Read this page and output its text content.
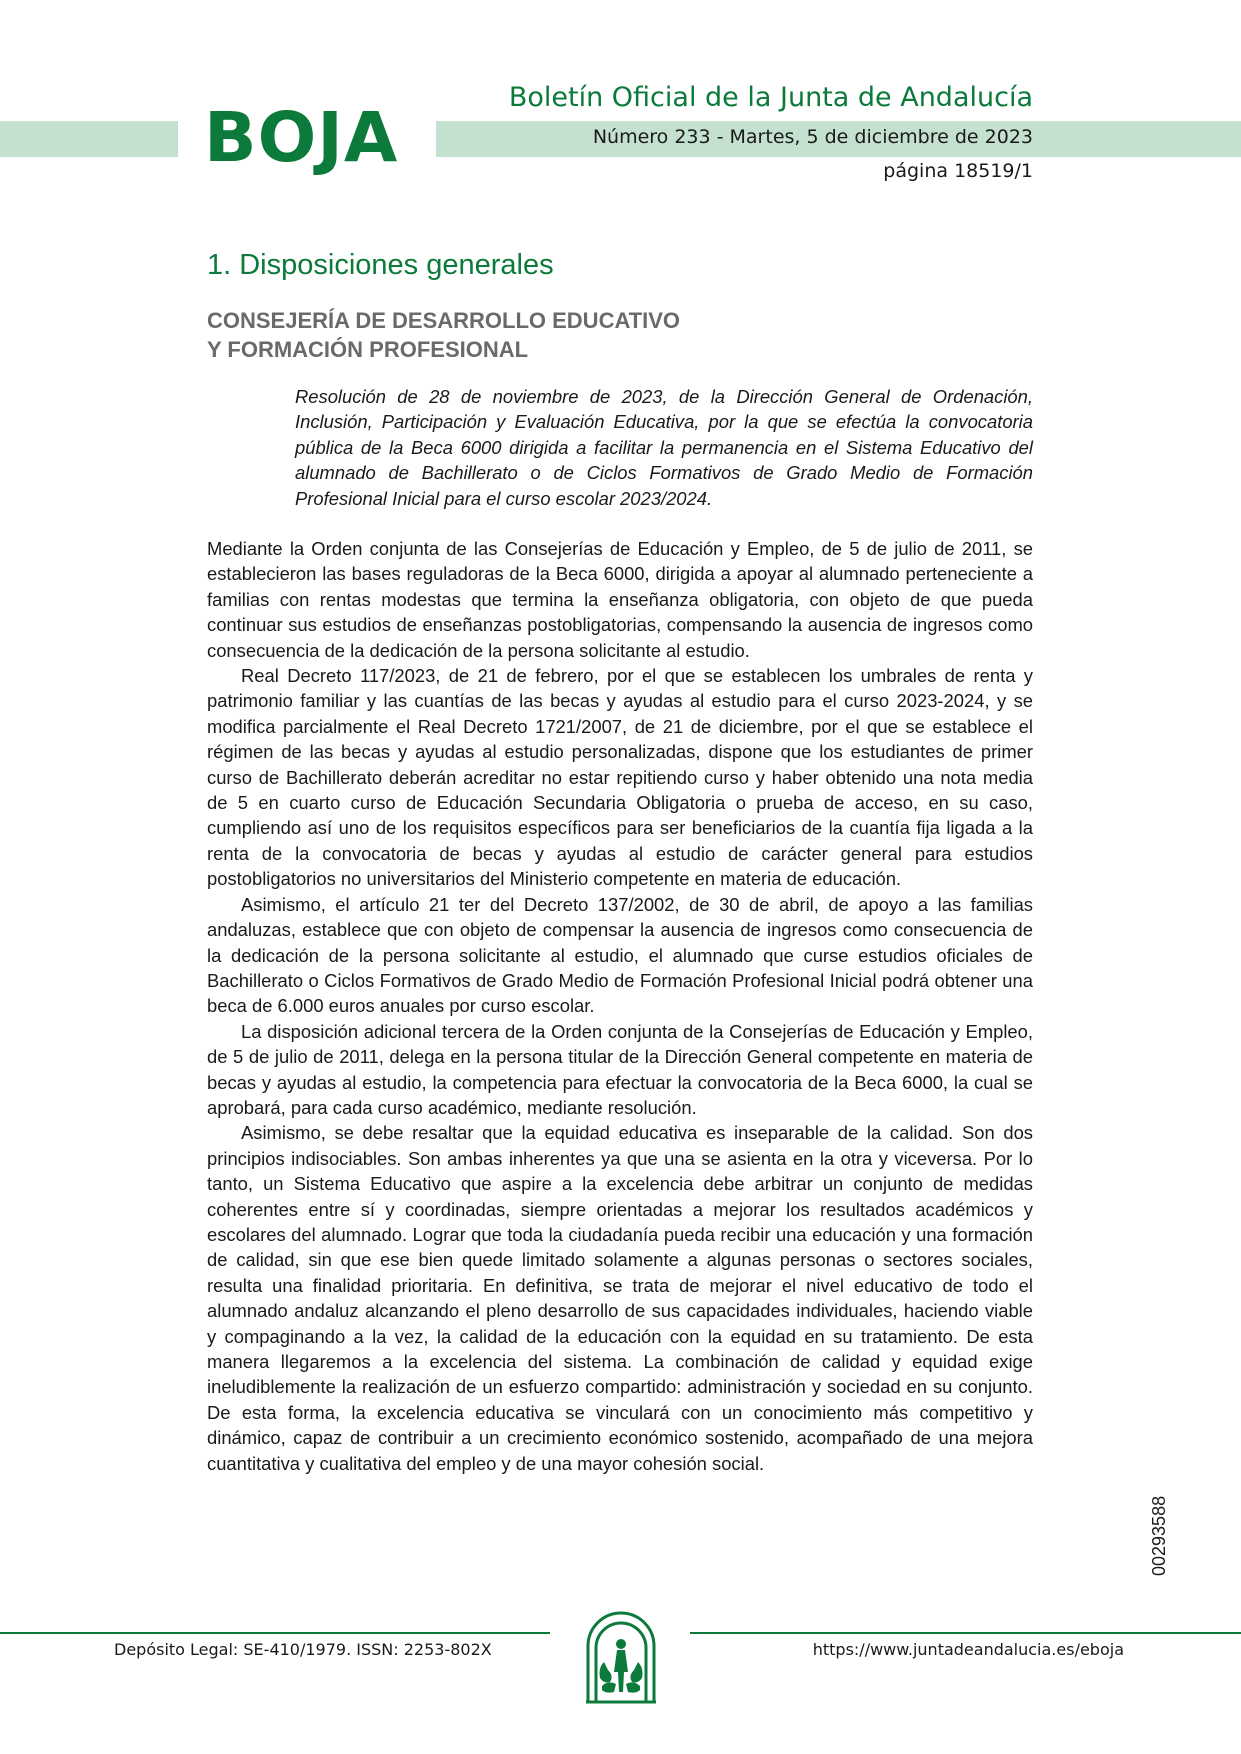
BOJA
Boletín Oficial de la Junta de Andalucía
Número 233 - Martes, 5 de diciembre de 2023
página 18519/1
1. Disposiciones generales
CONSEJERÍA DE DESARROLLO EDUCATIVO
Y FORMACIÓN PROFESIONAL
Resolución de 28 de noviembre de 2023, de la Dirección General de Ordenación, Inclusión, Participación y Evaluación Educativa, por la que se efectúa la convocatoria pública de la Beca 6000 dirigida a facilitar la permanencia en el Sistema Educativo del alumnado de Bachillerato o de Ciclos Formativos de Grado Medio de Formación Profesional Inicial para el curso escolar 2023/2024.

Mediante la Orden conjunta de las Consejerías de Educación y Empleo, de 5 de julio de 2011, se establecieron las bases reguladoras de la Beca 6000, dirigida a apoyar al alumnado perteneciente a familias con rentas modestas que termina la enseñanza obligatoria, con objeto de que pueda continuar sus estudios de enseñanzas postobligatorias, compensando la ausencia de ingresos como consecuencia de la dedicación de la persona solicitante al estudio.

Real Decreto 117/2023, de 21 de febrero, por el que se establecen los umbrales de renta y patrimonio familiar y las cuantías de las becas y ayudas al estudio para el curso 2023-2024, y se modifica parcialmente el Real Decreto 1721/2007, de 21 de diciembre, por el que se establece el régimen de las becas y ayudas al estudio personalizadas, dispone que los estudiantes de primer curso de Bachillerato deberán acreditar no estar repitiendo curso y haber obtenido una nota media de 5 en cuarto curso de Educación Secundaria Obligatoria o prueba de acceso, en su caso, cumpliendo así uno de los requisitos específicos para ser beneficiarios de la cuantía fija ligada a la renta de la convocatoria de becas y ayudas al estudio de carácter general para estudios postobligatorios no universitarios del Ministerio competente en materia de educación.

Asimismo, el artículo 21 ter del Decreto 137/2002, de 30 de abril, de apoyo a las familias andaluzas, establece que con objeto de compensar la ausencia de ingresos como consecuencia de la dedicación de la persona solicitante al estudio, el alumnado que curse estudios oficiales de Bachillerato o Ciclos Formativos de Grado Medio de Formación Profesional Inicial podrá obtener una beca de 6.000 euros anuales por curso escolar.

La disposición adicional tercera de la Orden conjunta de la Consejerías de Educación y Empleo, de 5 de julio de 2011, delega en la persona titular de la Dirección General competente en materia de becas y ayudas al estudio, la competencia para efectuar la convocatoria de la Beca 6000, la cual se aprobará, para cada curso académico, mediante resolución.

Asimismo, se debe resaltar que la equidad educativa es inseparable de la calidad. Son dos principios indisociables. Son ambas inherentes ya que una se asienta en la otra y viceversa. Por lo tanto, un Sistema Educativo que aspire a la excelencia debe arbitrar un conjunto de medidas coherentes entre sí y coordinadas, siempre orientadas a mejorar los resultados académicos y escolares del alumnado. Lograr que toda la ciudadanía pueda recibir una educación y una formación de calidad, sin que ese bien quede limitado solamente a algunas personas o sectores sociales, resulta una finalidad prioritaria. En definitiva, se trata de mejorar el nivel educativo de todo el alumnado andaluz alcanzando el pleno desarrollo de sus capacidades individuales, haciendo viable y compaginando a la vez, la calidad de la educación con la equidad en su tratamiento. De esta manera llegaremos a la excelencia del sistema. La combinación de calidad y equidad exige ineludiblemente la realización de un esfuerzo compartido: administración y sociedad en su conjunto. De esta forma, la excelencia educativa se vinculará con un conocimiento más competitivo y dinámico, capaz de contribuir a un crecimiento económico sostenido, acompañado de una mejora cuantitativa y cualitativa del empleo y de una mayor cohesión social.

00293588
Depósito Legal: SE-410/1979. ISSN: 2253-802X	https://www.juntadeandalucia.es/eboja
